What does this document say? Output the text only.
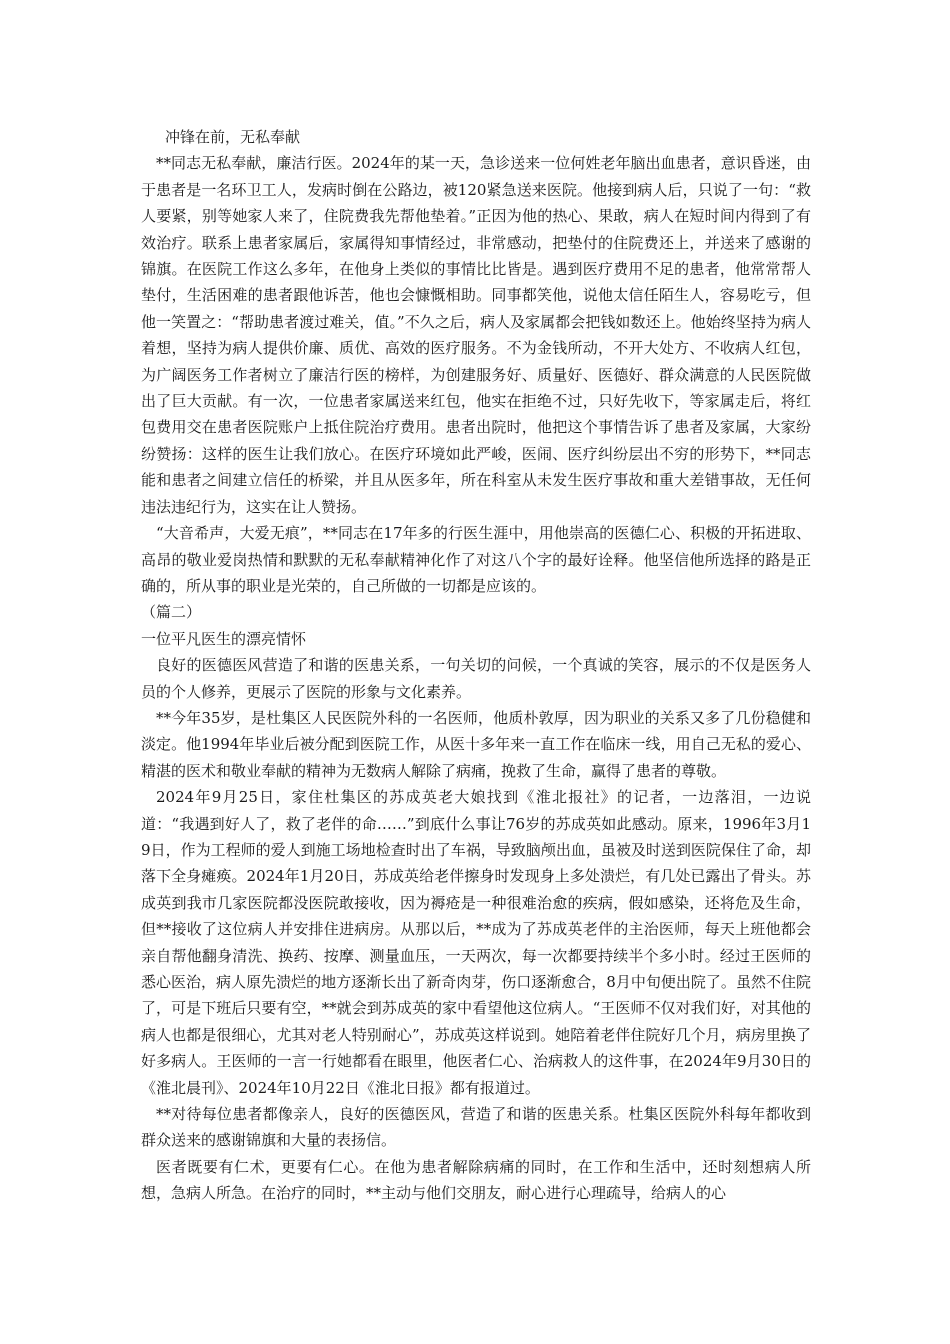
冲锋在前，无私奉献

**同志无私奉献，廉洁行医。2024年的某一天，急诊送来一位何姓老年脑出血患者，意识昏迷，由于患者是一名环卫工人，发病时倒在公路边，被120紧急送来医院。他接到病人后，只说了一句：“救人要紧，别等她家人来了，住院费我先帮他垫着。”正因为他的热心、果敢，病人在短时间内得到了有效治疗。联系上患者家属后，家属得知事情经过，非常感动，把垫付的住院费还上，并送来了感谢的锦旗。在医院工作这么多年，在他身上类似的事情比比皆是。遇到医疗费用不足的患者，他常常帮人垫付，生活困难的患者跟他诉苦，他也会慷慨相助。同事都笑他，说他太信任陌生人，容易吃亏，但他一笑置之：“帮助患者渡过难关，值。”不久之后，病人及家属都会把钱如数还上。他始终坚持为病人着想，坚持为病人提供价廉、质优、高效的医疗服务。不为金钱所动，不开大处方、不收病人红包，为广阔医务工作者树立了廉洁行医的榜样，为创建服务好、质量好、医德好、群众满意的人民医院做出了巨大贡献。有一次，一位患者家属送来红包，他实在拒绝不过，只好先收下，等家属走后，将红包费用交在患者医院账户上抵住院治疗费用。患者出院时，他把这个事情告诉了患者及家属，大家纷纷赞扬：这样的医生让我们放心。在医疗环境如此严峻，医闹、医疗纠纷层出不穷的形势下，**同志能和患者之间建立信任的桥梁，并且从医多年，所在科室从未发生医疗事故和重大差错事故，无任何违法违纪行为，这实在让人赞扬。

“大音希声，大爱无痕”，**同志在17年多的行医生涯中，用他崇高的医德仁心、积极的开拓进取、高昂的敬业爱岗热情和默默的无私奉献精神化作了对这八个字的最好诠释。他坚信他所选择的路是正确的，所从事的职业是光荣的，自己所做的一切都是应该的。

（篇二）

一位平凡医生的漂亮情怀

良好的医德医风营造了和谐的医患关系，一句关切的问候，一个真诚的笑容，展示的不仅是医务人员的个人修养，更展示了医院的形象与文化素养。

**今年35岁，是杜集区人民医院外科的一名医师，他质朴敦厚，因为职业的关系又多了几份稳健和淡定。他1994年毕业后被分配到医院工作，从医十多年来一直工作在临床一线，用自己无私的爱心、精湛的医术和敬业奉献的精神为无数病人解除了病痛，挽救了生命，赢得了患者的尊敬。

2024年9月25日，家住杜集区的苏成英老大娘找到《淮北报社》的记者，一边落泪，一边说道：“我遇到好人了，救了老伴的命……”到底什么事让76岁的苏成英如此感动。原来，1996年3月19日，作为工程师的爱人到施工场地检查时出了车祸，导致脑颅出血，虽被及时送到医院保住了命，却落下全身瘫痪。2024年1月20日，苏成英给老伴擦身时发现身上多处溃烂，有几处已露出了骨头。苏成英到我市几家医院都没医院敢接收，因为褥疮是一种很难治愈的疾病，假如感染，还将危及生命，但**接收了这位病人并安排住进病房。从那以后，**成为了苏成英老伴的主治医师，每天上班他都会亲自帮他翻身清洗、换药、按摩、测量血压，一天两次，每一次都要持续半个多小时。经过王医师的悉心医治，病人原先溃烂的地方逐渐长出了新奇肉芽，伤口逐渐愈合，8月中旬便出院了。虽然不住院了，可是下班后只要有空，**就会到苏成英的家中看望他这位病人。“王医师不仅对我们好，对其他的病人也都是很细心，尤其对老人特别耐心”，苏成英这样说到。她陪着老伴住院好几个月，病房里换了好多病人。王医师的一言一行她都看在眼里，他医者仁心、治病救人的这件事，在2024年9月30日的《淮北晨刊》、2024年10月22日《淮北日报》都有报道过。

**对待每位患者都像亲人，良好的医德医风，营造了和谐的医患关系。杜集区医院外科每年都收到群众送来的感谢锦旗和大量的表扬信。

医者既要有仁术，更要有仁心。在他为患者解除病痛的同时，在工作和生活中，还时刻想病人所想，急病人所急。在治疗的同时，**主动与他们交朋友，耐心进行心理疏导，给病人的心
